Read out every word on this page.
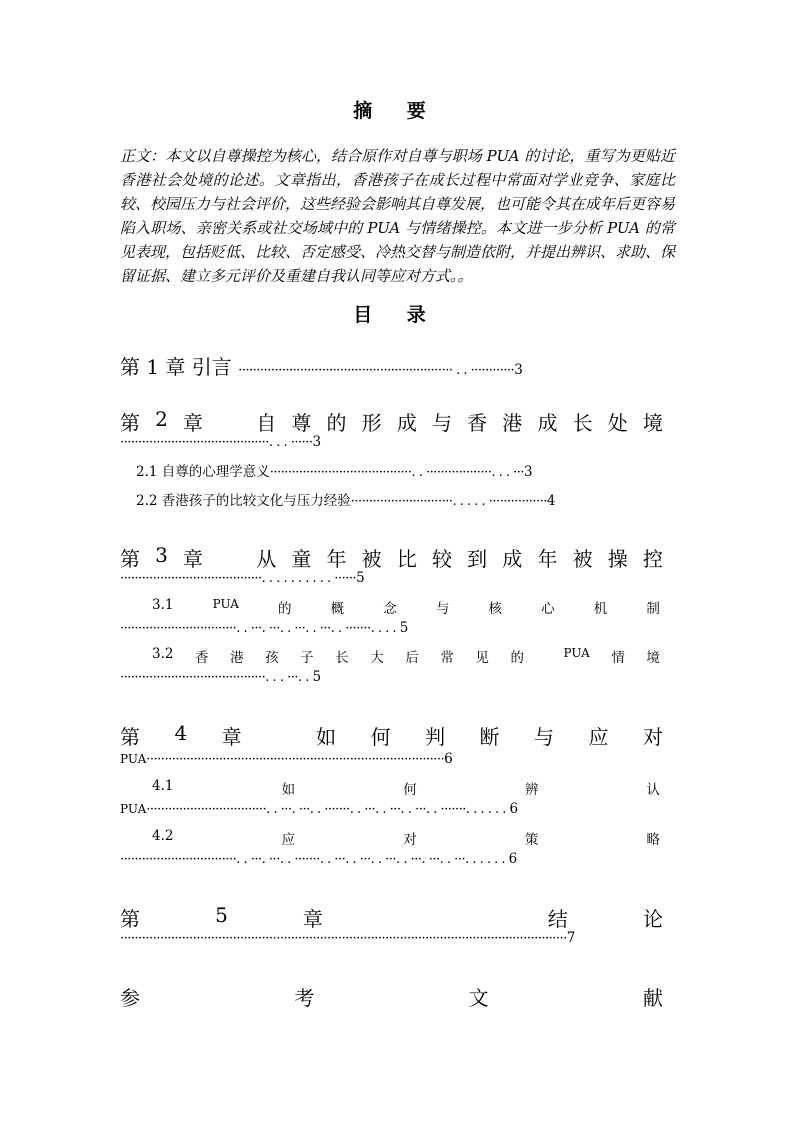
摘 要

正文：本文以自尊操控为核心，结合原作对自尊与职场 PUA 的讨论，重写为更贴近香港社会处境的论述。文章指出，香港孩子在成长过程中常面对学业竞争、家庭比较、校园压力与社会评价，这些经验会影响其自尊发展，也可能令其在成年后更容易陷入职场、亲密关系或社交场域中的 PUA 与情绪操控。本文进一步分析 PUA 的常见表现，包括贬低、比较、否定感受、冷热交替与制造依附，并提出辨识、求助、保留证据、建立多元评价及重建自我认同等应对方式。。

目 录
第 1 章 引言 ··························································· . . ············3
第 2 章	自 尊 的 形 成 与 香 港 成 长 处 境
·········································. . . ······3
2.1 自尊的心理学意义·······································. . ··················. . . ···3
2.2 香港孩子的比较文化与压力经验····························. . . . . ················4
第 3 章	从 童 年 被 比 较 到 成 年 被 操 控
·······································. . . . . . . . . . ······5
3.1	PUA	的	概	念	与	核	心	机	制
································. . ···. ···. . ···. . ···. . ·······. . . . 5
3.2 香 港 孩 子 长 大 后 常 见 的	PUA 情 境
········································. . . ···. . 5
第 4 章	如 何 判 断 与 应 对
PUA··················································································6
4.1	如	何	辨	认
PUA·································. . ···. ···. . ·······. . ···. . ···. . ···. . ·······. . . . . . 6
4.2	应	对	策	略
································. . ···. ···. . ·······. . ···. . ···. . ···. . ···. ···. . ···. . . . . . 6
第	5	章	结	论
···························································································································7
参	考	文	献
